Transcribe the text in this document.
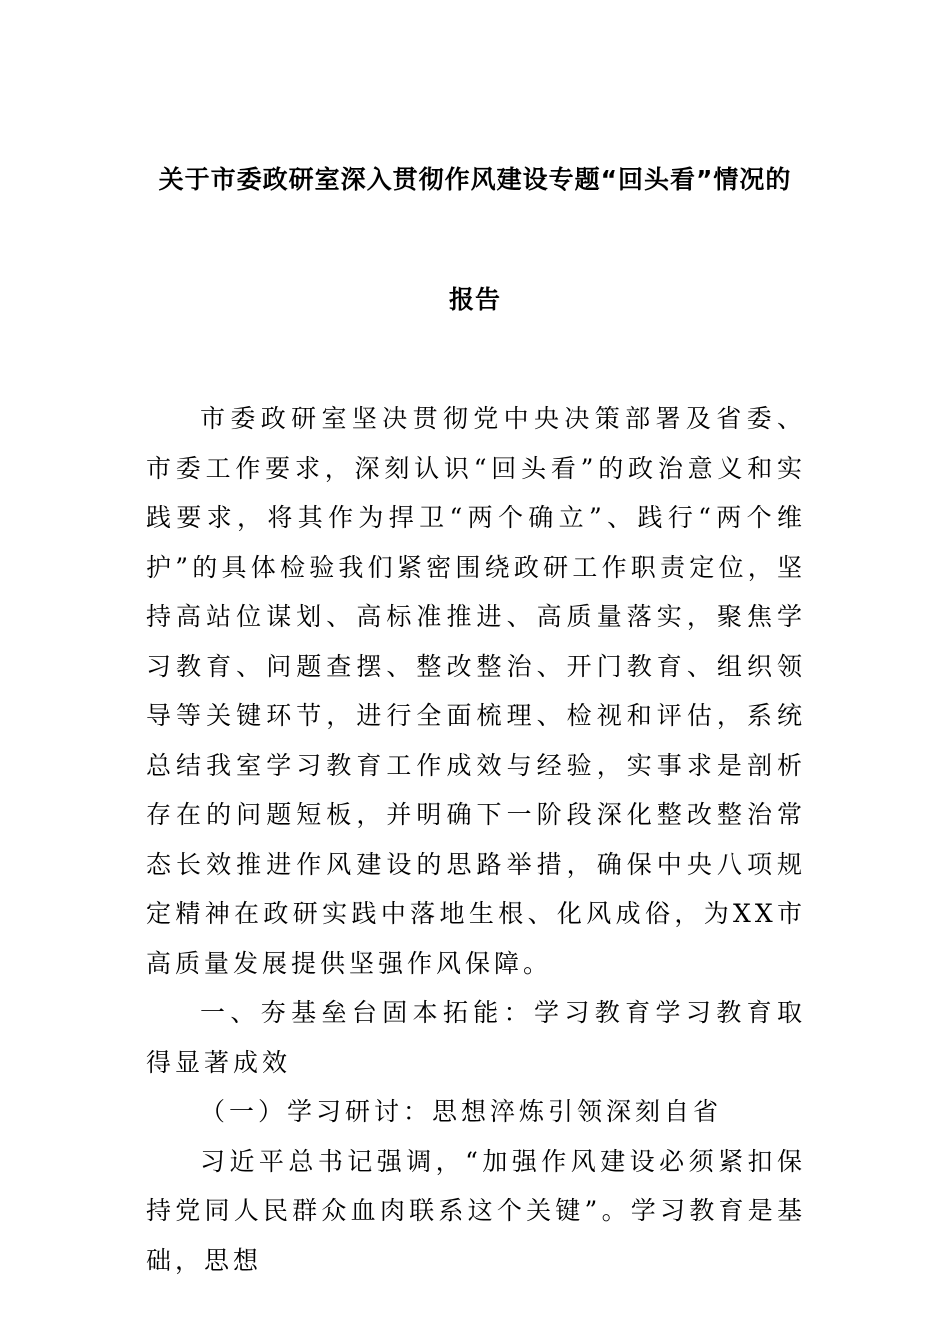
关于市委政研室深入贯彻作风建设专题“回头看”情况的
报告

市委政研室坚决贯彻党中央决策部署及省委、市委工作要求，深刻认识“回头看”的政治意义和实践要求，将其作为捍卫“两个确立”、践行“两个维护”的具体检验我们紧密围绕政研工作职责定位，坚持高站位谋划、高标准推进、高质量落实，聚焦学习教育、问题查摆、整改整治、开门教育、组织领导等关键环节，进行全面梳理、检视和评估，系统总结我室学习教育工作成效与经验，实事求是剖析存在的问题短板，并明确下一阶段深化整改整治常态长效推进作风建设的思路举措，确保中央八项规定精神在政研实践中落地生根、化风成俗，为XX市高质量发展提供坚强作风保障。

一、夯基垒台固本拓能：学习教育学习教育取得显著成效

（一）学习研讨：思想淬炼引领深刻自省

习近平总书记强调，“加强作风建设必须紧扣保持党同人民群众血肉联系这个关键”。学习教育是基础，思想
